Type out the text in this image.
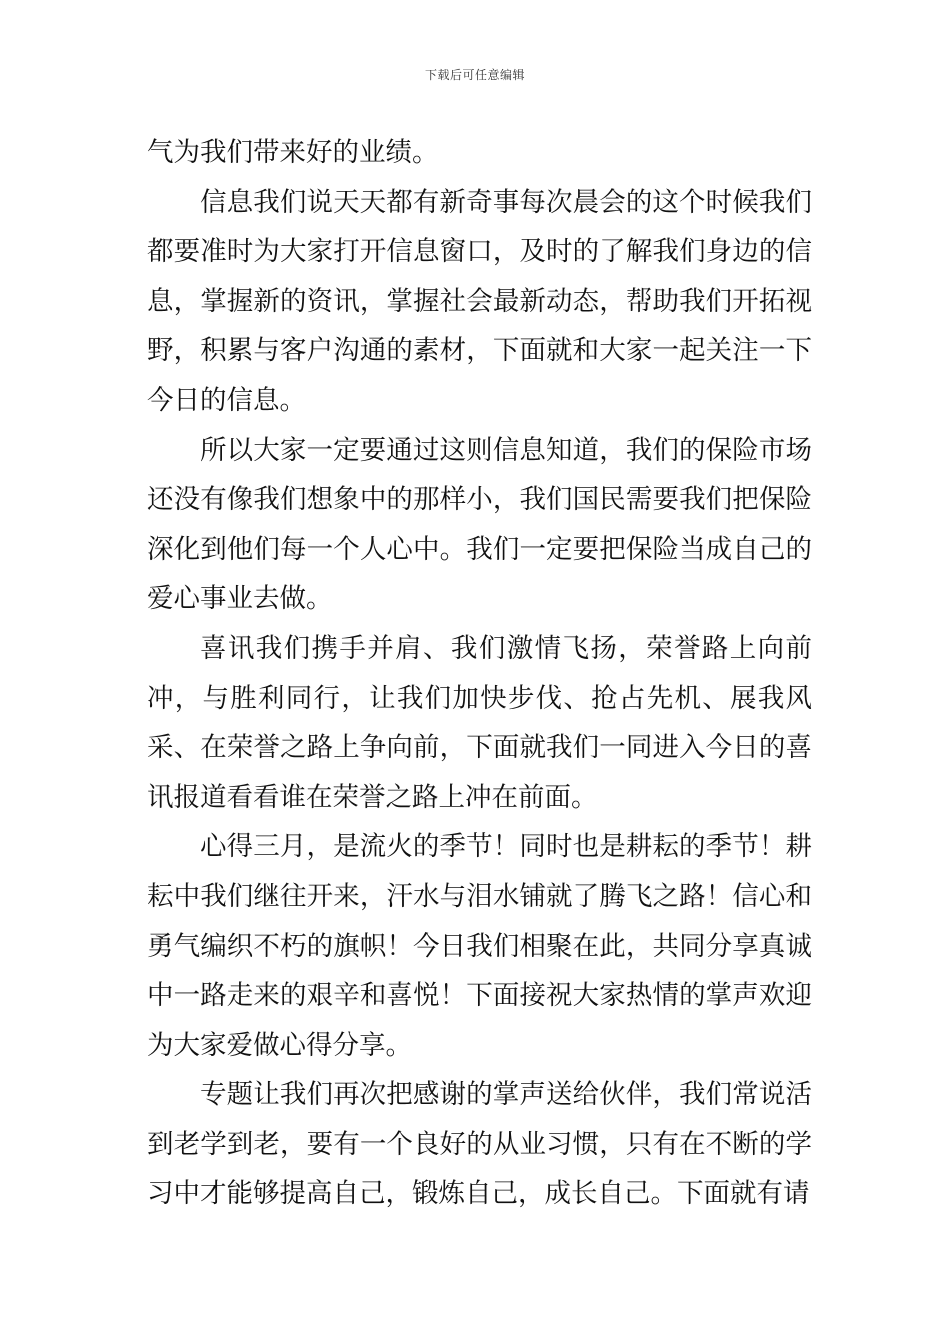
下载后可任意编辑

气为我们带来好的业绩。

信息我们说天天都有新奇事每次晨会的这个时候我们都要准时为大家打开信息窗口，及时的了解我们身边的信息，掌握新的资讯，掌握社会最新动态，帮助我们开拓视野，积累与客户沟通的素材，下面就和大家一起关注一下今日的信息。

所以大家一定要通过这则信息知道，我们的保险市场还没有像我们想象中的那样小，我们国民需要我们把保险深化到他们每一个人心中。我们一定要把保险当成自己的爱心事业去做。

喜讯我们携手并肩、我们激情飞扬，荣誉路上向前冲，与胜利同行，让我们加快步伐、抢占先机、展我风采、在荣誉之路上争向前，下面就我们一同进入今日的喜讯报道看看谁在荣誉之路上冲在前面。

心得三月，是流火的季节！同时也是耕耘的季节！耕耘中我们继往开来，汗水与泪水铺就了腾飞之路！信心和勇气编织不朽的旗帜！今日我们相聚在此，共同分享真诚中一路走来的艰辛和喜悦！下面接祝大家热情的掌声欢迎为大家爱做心得分享。

专题让我们再次把感谢的掌声送给伙伴，我们常说活到老学到老，要有一个良好的从业习惯，只有在不断的学习中才能够提高自己，锻炼自己，成长自己。下面就有请
